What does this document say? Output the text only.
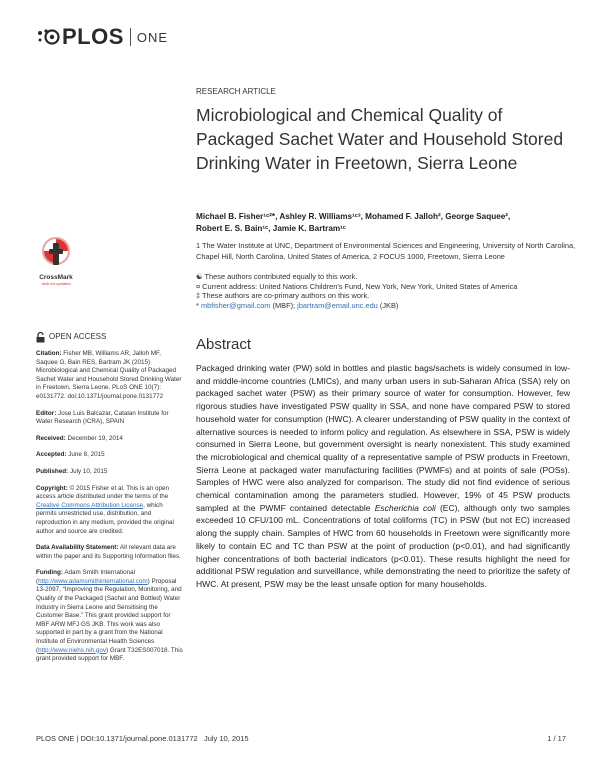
PLOS ONE
RESEARCH ARTICLE
Microbiological and Chemical Quality of Packaged Sachet Water and Household Stored Drinking Water in Freetown, Sierra Leone
Michael B. Fisher¹ᶜ²*, Ashley R. Williams¹ᶜ³, Mohamed F. Jalloh², George Saquee²,
Robert E. S. Bain¹ᶜ, Jamie K. Bartram¹ᶜ
1 The Water Institute at UNC, Department of Environmental Sciences and Engineering, University of North Carolina, Chapel Hill, North Carolina, United States of America, 2 FOCUS 1000, Freetown, Sierra Leone
☯ These authors contributed equally to this work.
¤ Current address: United Nations Children's Fund, New York, New York, United States of America
‡ These authors are co-primary authors on this work.
* mbfisher@gmail.com (MBF); jbartram@email.unc.edu (JKB)
CrossMark
click for updates
OPEN ACCESS
Citation: Fisher MB, Williams AR, Jalloh MF, Saquee G, Bain RES, Bartram JK (2015) Microbiological and Chemical Quality of Packaged Sachet Water and Household Stored Drinking Water in Freetown, Sierra Leone. PLoS ONE 10(7): e0131772. doi:10.1371/journal.pone.0131772
Editor: Jose Luis Balcazar, Catalan Institute for Water Research (ICRA), SPAIN
Received: December 19, 2014
Accepted: June 8, 2015
Published: July 10, 2015
Copyright: © 2015 Fisher et al. This is an open access article distributed under the terms of the Creative Commons Attribution License, which permits unrestricted use, distribution, and reproduction in any medium, provided the original author and source are credited.
Data Availability Statement: All relevant data are within the paper and its Supporting Information files.
Funding: Adam Smith International (http://www.adamsmithinternational.com) Proposal 13-2097, “Improving the Regulation, Monitoring, and Quality of the Packaged (Sachet and Bottled) Water Industry in Sierra Leone and Sensitising the Customer Base.” This grant provided support for MBF ARW MFJ GS JKB. This work was also supported in part by a grant from the National Institute of Environmental Health Sciences (http://www.niehs.nih.gov) Grant T32ES007018. This grant provided support for MBF.
Abstract
Packaged drinking water (PW) sold in bottles and plastic bags/sachets is widely consumed in low- and middle-income countries (LMICs), and many urban users in sub-Saharan Africa (SSA) rely on packaged sachet water (PSW) as their primary source of water for consumption. However, few rigorous studies have investigated PSW quality in SSA, and none have compared PSW to stored household water for consumption (HWC). A clearer understanding of PSW quality in the context of alternative sources is needed to inform policy and regulation. As elsewhere in SSA, PSW is widely consumed in Sierra Leone, but government oversight is nearly nonexistent. This study examined the microbiological and chemical quality of a representative sample of PSW products in Freetown, Sierra Leone at packaged water manufacturing facilities (PWMFs) and at points of sale (POSs). Samples of HWC were also analyzed for comparison. The study did not find evidence of serious chemical contamination among the parameters studied. However, 19% of 45 PSW products sampled at the PWMF contained detectable Escherichia coli (EC), although only two samples exceeded 10 CFU/100 mL. Concentrations of total coliforms (TC) in PSW (but not EC) increased along the supply chain. Samples of HWC from 60 households in Freetown were significantly more likely to contain EC and TC than PSW at the point of production (p<0.01), and had significantly higher concentrations of both bacterial indicators (p<0.01). These results highlight the need for additional PSW regulation and surveillance, while demonstrating the need to prioritize the safety of HWC. At present, PSW may be the least unsafe option for many households.
PLOS ONE | DOI:10.1371/journal.pone.0131772 July 10, 2015	1 / 17
